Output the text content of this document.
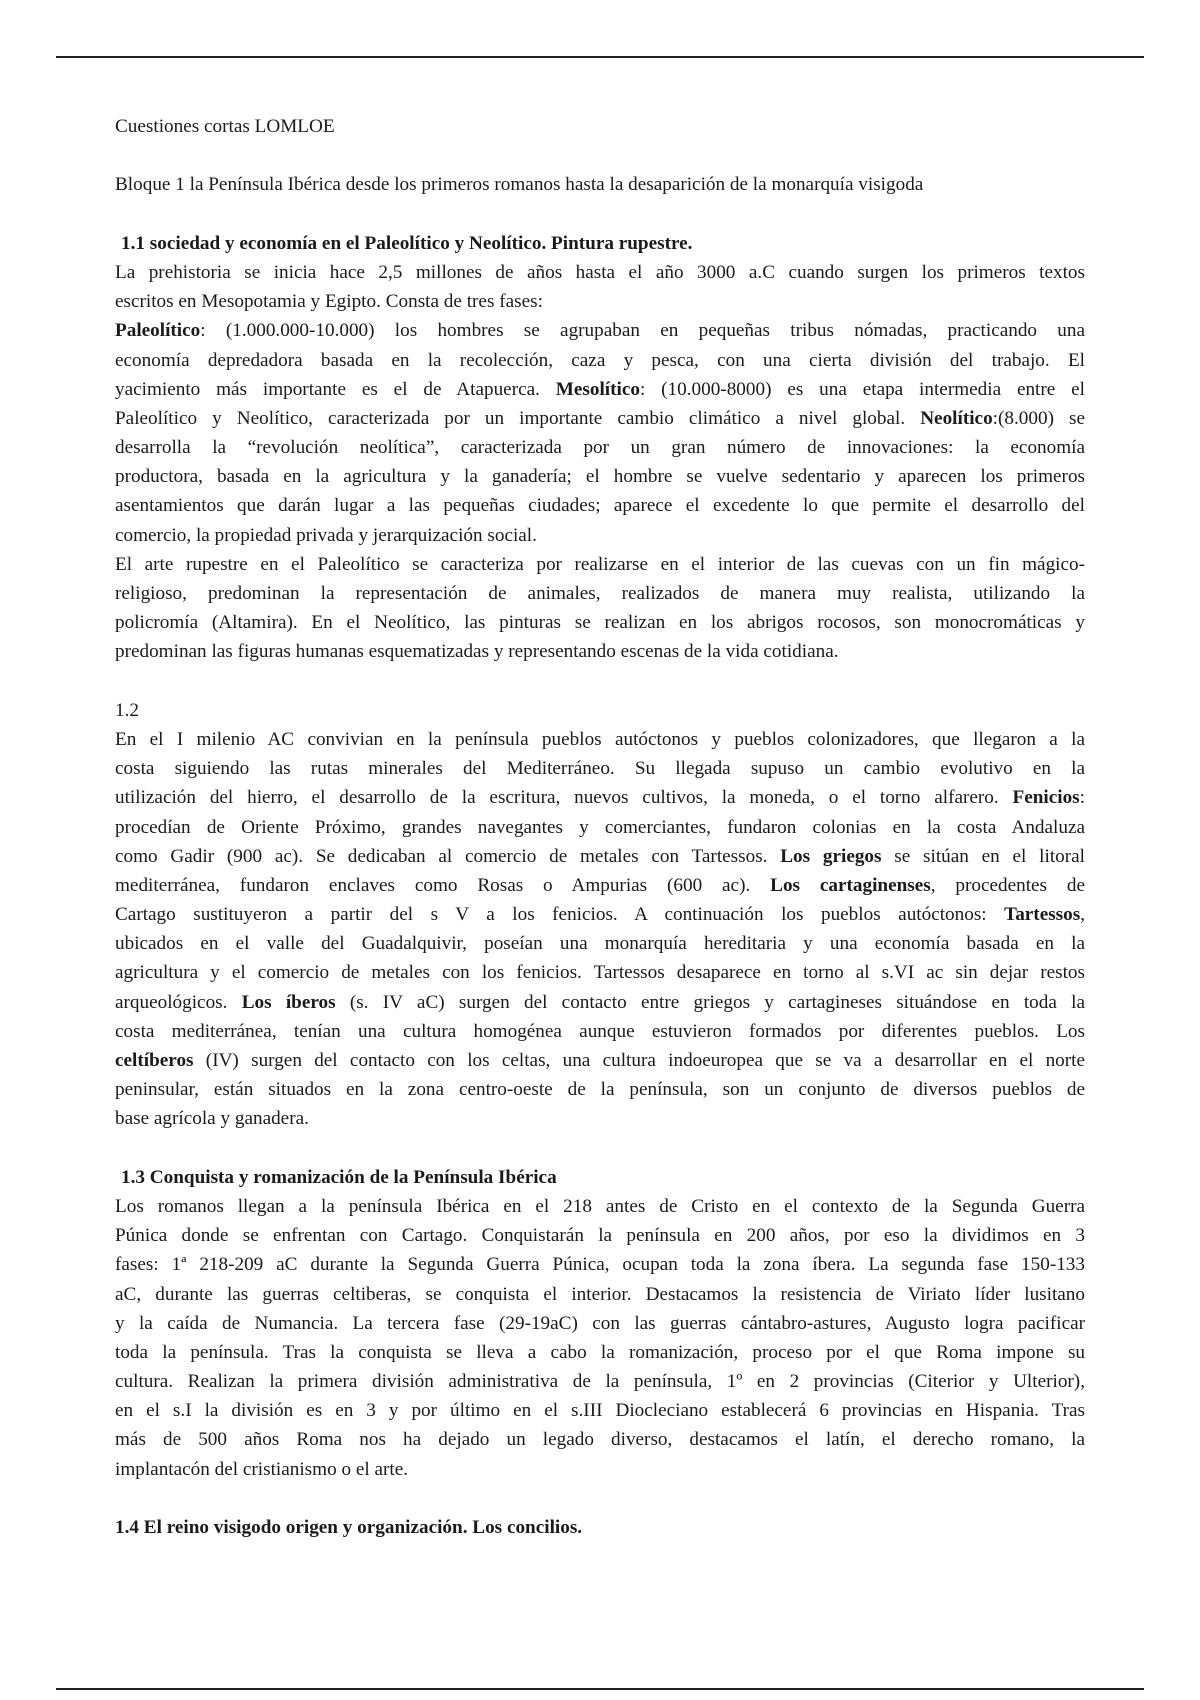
Cuestiones cortas LOMLOE
Bloque 1 la Península Ibérica desde los primeros romanos hasta la desaparición de la monarquía visigoda
1.1 sociedad y economía en el Paleolítico y Neolítico. Pintura rupestre.
La prehistoria se inicia hace 2,5 millones de años hasta el año 3000 a.C cuando surgen los primeros textos
escritos en Mesopotamia y Egipto. Consta de tres fases:
Paleolítico: (1.000.000-10.000) los hombres se agrupaban en pequeñas tribus nómadas, practicando una
economía depredadora basada en la recolección, caza y pesca, con una cierta división del trabajo. El
yacimiento más importante es el de Atapuerca. Mesolítico: (10.000-8000) es una etapa intermedia entre el
Paleolítico y Neolítico, caracterizada por un importante cambio climático a nivel global. Neolítico:(8.000) se
desarrolla la “revolución neolítica”, caracterizada por un gran número de innovaciones: la economía
productora, basada en la agricultura y la ganadería; el hombre se vuelve sedentario y aparecen los primeros
asentamientos que darán lugar a las pequeñas ciudades; aparece el excedente lo que permite el desarrollo del
comercio, la propiedad privada y jerarquización social.
El arte rupestre en el Paleolítico se caracteriza por realizarse en el interior de las cuevas con un fin mágico-
religioso, predominan la representación de animales, realizados de manera muy realista, utilizando la
policromía (Altamira). En el Neolítico, las pinturas se realizan en los abrigos rocosos, son monocromáticas y
predominan las figuras humanas esquematizadas y representando escenas de la vida cotidiana.
1.2
En el I milenio AC convivian en la península pueblos autóctonos y pueblos colonizadores, que llegaron a la
costa siguiendo las rutas minerales del Mediterráneo. Su llegada supuso un cambio evolutivo en la
utilización del hierro, el desarrollo de la escritura, nuevos cultivos, la moneda, o el torno alfarero. Fenicios:
procedían de Oriente Próximo, grandes navegantes y comerciantes, fundaron colonias en la costa Andaluza
como Gadir (900 ac). Se dedicaban al comercio de metales con Tartessos. Los griegos se sitúan en el litoral
mediterránea, fundaron enclaves como Rosas o Ampurias (600 ac). Los cartaginenses, procedentes de
Cartago sustituyeron a partir del s V a los fenicios. A continuación los pueblos autóctonos: Tartessos,
ubicados en el valle del Guadalquivir, poseían una monarquía hereditaria y una economía basada en la
agricultura y el comercio de metales con los fenicios. Tartessos desaparece en torno al s.VI ac sin dejar restos
arqueológicos. Los íberos (s. IV aC) surgen del contacto entre griegos y cartagineses situándose en toda la
costa mediterránea, tenían una cultura homogénea aunque estuvieron formados por diferentes pueblos. Los
celtíberos (IV) surgen del contacto con los celtas, una cultura indoeuropea que se va a desarrollar en el norte
peninsular, están situados en la zona centro-oeste de la península, son un conjunto de diversos pueblos de
base agrícola y ganadera.
1.3 Conquista y romanización de la Península Ibérica
Los romanos llegan a la península Ibérica en el 218 antes de Cristo en el contexto de la Segunda Guerra
Púnica donde se enfrentan con Cartago. Conquistarán la península en 200 años, por eso la dividimos en 3
fases: 1ª 218-209 aC durante la Segunda Guerra Púnica, ocupan toda la zona íbera. La segunda fase 150-133
aC, durante las guerras celtiberas, se conquista el interior. Destacamos la resistencia de Viriato líder lusitano
y la caída de Numancia. La tercera fase (29-19aC) con las guerras cántabro-astures, Augusto logra pacificar
toda la península. Tras la conquista se lleva a cabo la romanización, proceso por el que Roma impone su
cultura. Realizan la primera división administrativa de la península, 1º en 2 provincias (Citerior y Ulterior),
en el s.I la división es en 3 y por último en el s.III Diocleciano establecerá 6 provincias en Hispania. Tras
más de 500 años Roma nos ha dejado un legado diverso, destacamos el latín, el derecho romano, la
implantacón del cristianismo o el arte.
1.4 El reino visigodo origen y organización. Los concilios.
